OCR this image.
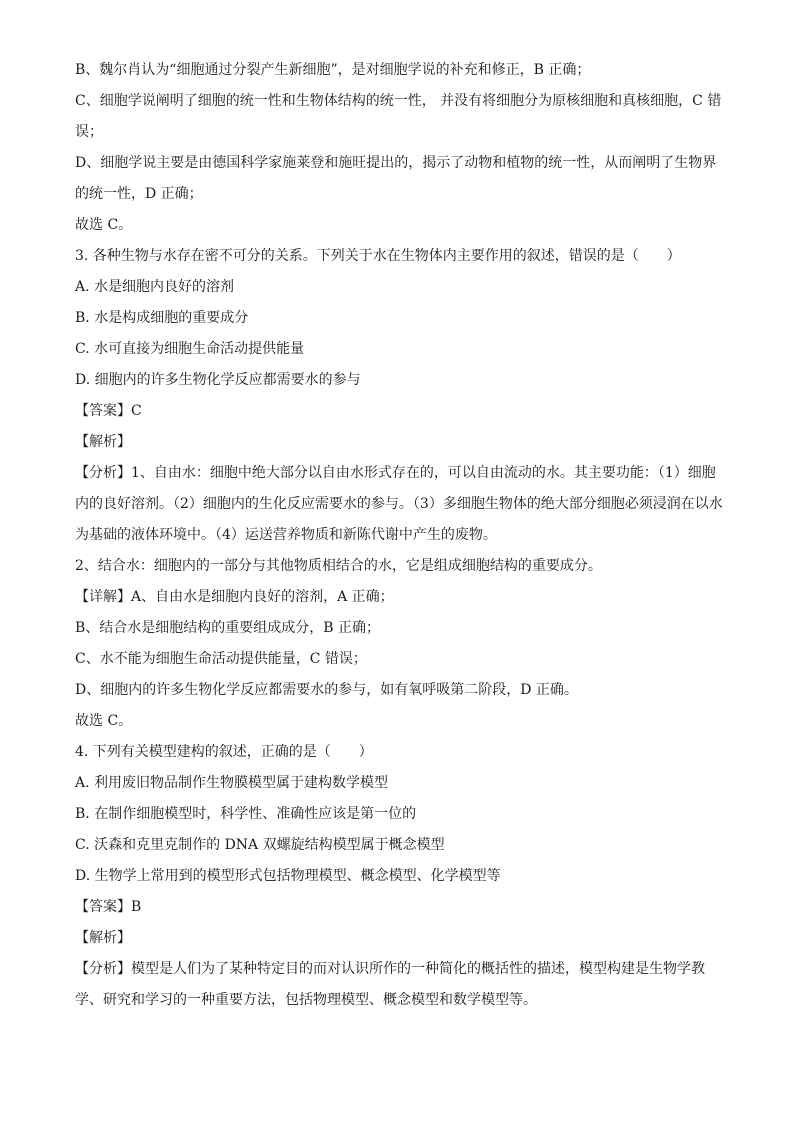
B、魏尔肖认为“细胞通过分裂产生新细胞”，是对细胞学说的补充和修正，B 正确；
C、细胞学说阐明了细胞的统一性和生物体结构的统一性， 并没有将细胞分为原核细胞和真核细胞，C 错
误；
D、细胞学说主要是由德国科学家施莱登和施旺提出的，揭示了动物和植物的统一性，从而阐明了生物界
的统一性，D 正确；
故选 C。
3. 各种生物与水存在密不可分的关系。下列关于水在生物体内主要作用的叙述，错误的是（　　）
A. 水是细胞内良好的溶剂
B. 水是构成细胞的重要成分
C. 水可直接为细胞生命活动提供能量
D. 细胞内的许多生物化学反应都需要水的参与
【答案】C
【解析】
【分析】1、自由水：细胞中绝大部分以自由水形式存在的，可以自由流动的水。其主要功能：（1）细胞
内的良好溶剂。（2）细胞内的生化反应需要水的参与。（3）多细胞生物体的绝大部分细胞必须浸润在以水
为基础的液体环境中。（4）运送营养物质和新陈代谢中产生的废物。
2、结合水：细胞内的一部分与其他物质相结合的水，它是组成细胞结构的重要成分。
【详解】A、自由水是细胞内良好的溶剂，A 正确；
B、结合水是细胞结构的重要组成成分，B 正确；
C、水不能为细胞生命活动提供能量，C 错误；
D、细胞内的许多生物化学反应都需要水的参与，如有氧呼吸第二阶段，D 正确。
故选 C。
4. 下列有关模型建构的叙述，正确的是（　　）
A. 利用废旧物品制作生物膜模型属于建构数学模型
B. 在制作细胞模型时，科学性、准确性应该是第一位的
C. 沃森和克里克制作的 DNA 双螺旋结构模型属于概念模型
D. 生物学上常用到的模型形式包括物理模型、概念模型、化学模型等
【答案】B
【解析】
【分析】模型是人们为了某种特定目的而对认识所作的一种简化的概括性的描述，模型构建是生物学教
学、研究和学习的一种重要方法，包括物理模型、概念模型和数学模型等。
